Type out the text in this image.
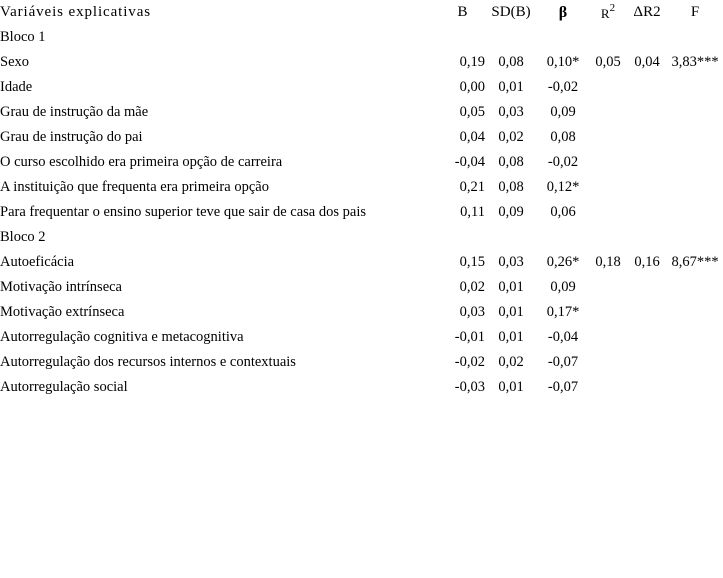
Variáveis explicativas	B	SD(B)	β	$R^2$	ΔR2	F
Bloco 1						
Sexo	0,19	0,08	0,10*	0,05	0,04	3,83***
Idade	0,00	0,01	-0,02			
Grau de instrução da mãe	0,05	0,03	0,09			
Grau de instrução do pai	0,04	0,02	0,08			
O curso escolhido era primeira opção de carreira	-0,04	0,08	-0,02			
A instituição que frequenta era primeira opção	0,21	0,08	0,12*			
Para frequentar o ensino superior teve que sair de casa dos pais	0,11	0,09	0,06			
Bloco 2						
Autoeficácia	0,15	0,03	0,26*	0,18	0,16	8,67***
Motivação intrínseca	0,02	0,01	0,09			
Motivação extrínseca	0,03	0,01	0,17*			
Autorregulação cognitiva e metacognitiva	-0,01	0,01	-0,04			
Autorregulação dos recursos internos e contextuais	-0,02	0,02	-0,07			
Autorregulação social	-0,03	0,01	-0,07			
